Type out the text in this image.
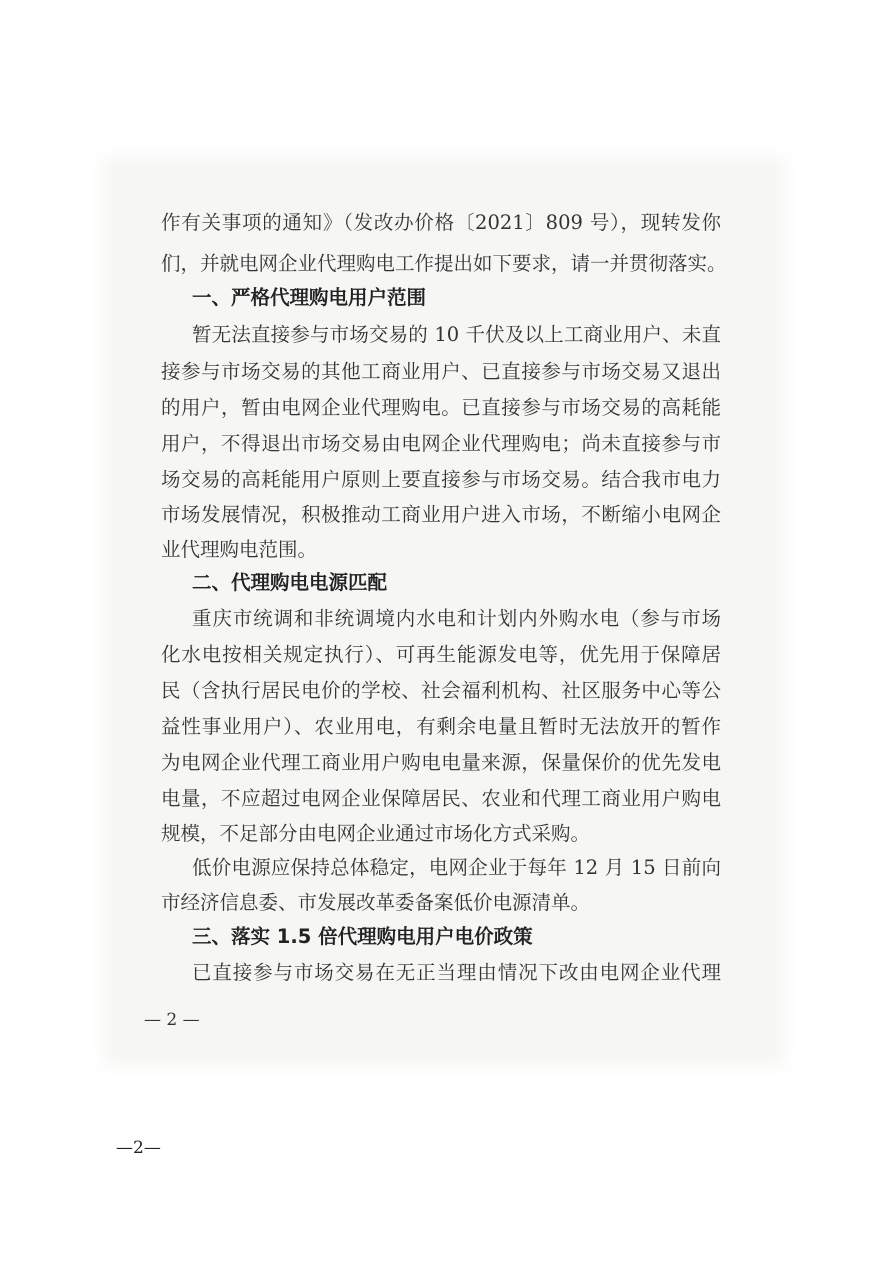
作有关事项的通知》（发改办价格〔2021〕809 号），现转发你
们，并就电网企业代理购电工作提出如下要求，请一并贯彻落实。
一、严格代理购电用户范围
暂无法直接参与市场交易的 10 千伏及以上工商业用户、未直
接参与市场交易的其他工商业用户、已直接参与市场交易又退出
的用户，暂由电网企业代理购电。已直接参与市场交易的高耗能
用户，不得退出市场交易由电网企业代理购电；尚未直接参与市
场交易的高耗能用户原则上要直接参与市场交易。结合我市电力
市场发展情况，积极推动工商业用户进入市场，不断缩小电网企
业代理购电范围。
二、代理购电电源匹配
重庆市统调和非统调境内水电和计划内外购水电（参与市场
化水电按相关规定执行）、可再生能源发电等，优先用于保障居
民（含执行居民电价的学校、社会福利机构、社区服务中心等公
益性事业用户）、农业用电，有剩余电量且暂时无法放开的暂作
为电网企业代理工商业用户购电电量来源，保量保价的优先发电
电量，不应超过电网企业保障居民、农业和代理工商业用户购电
规模，不足部分由电网企业通过市场化方式采购。
低价电源应保持总体稳定，电网企业于每年 12 月 15 日前向
市经济信息委、市发展改革委备案低价电源清单。
三、落实 1.5 倍代理购电用户电价政策
已直接参与市场交易在无正当理由情况下改由电网企业代理
— 2 —
—2—
